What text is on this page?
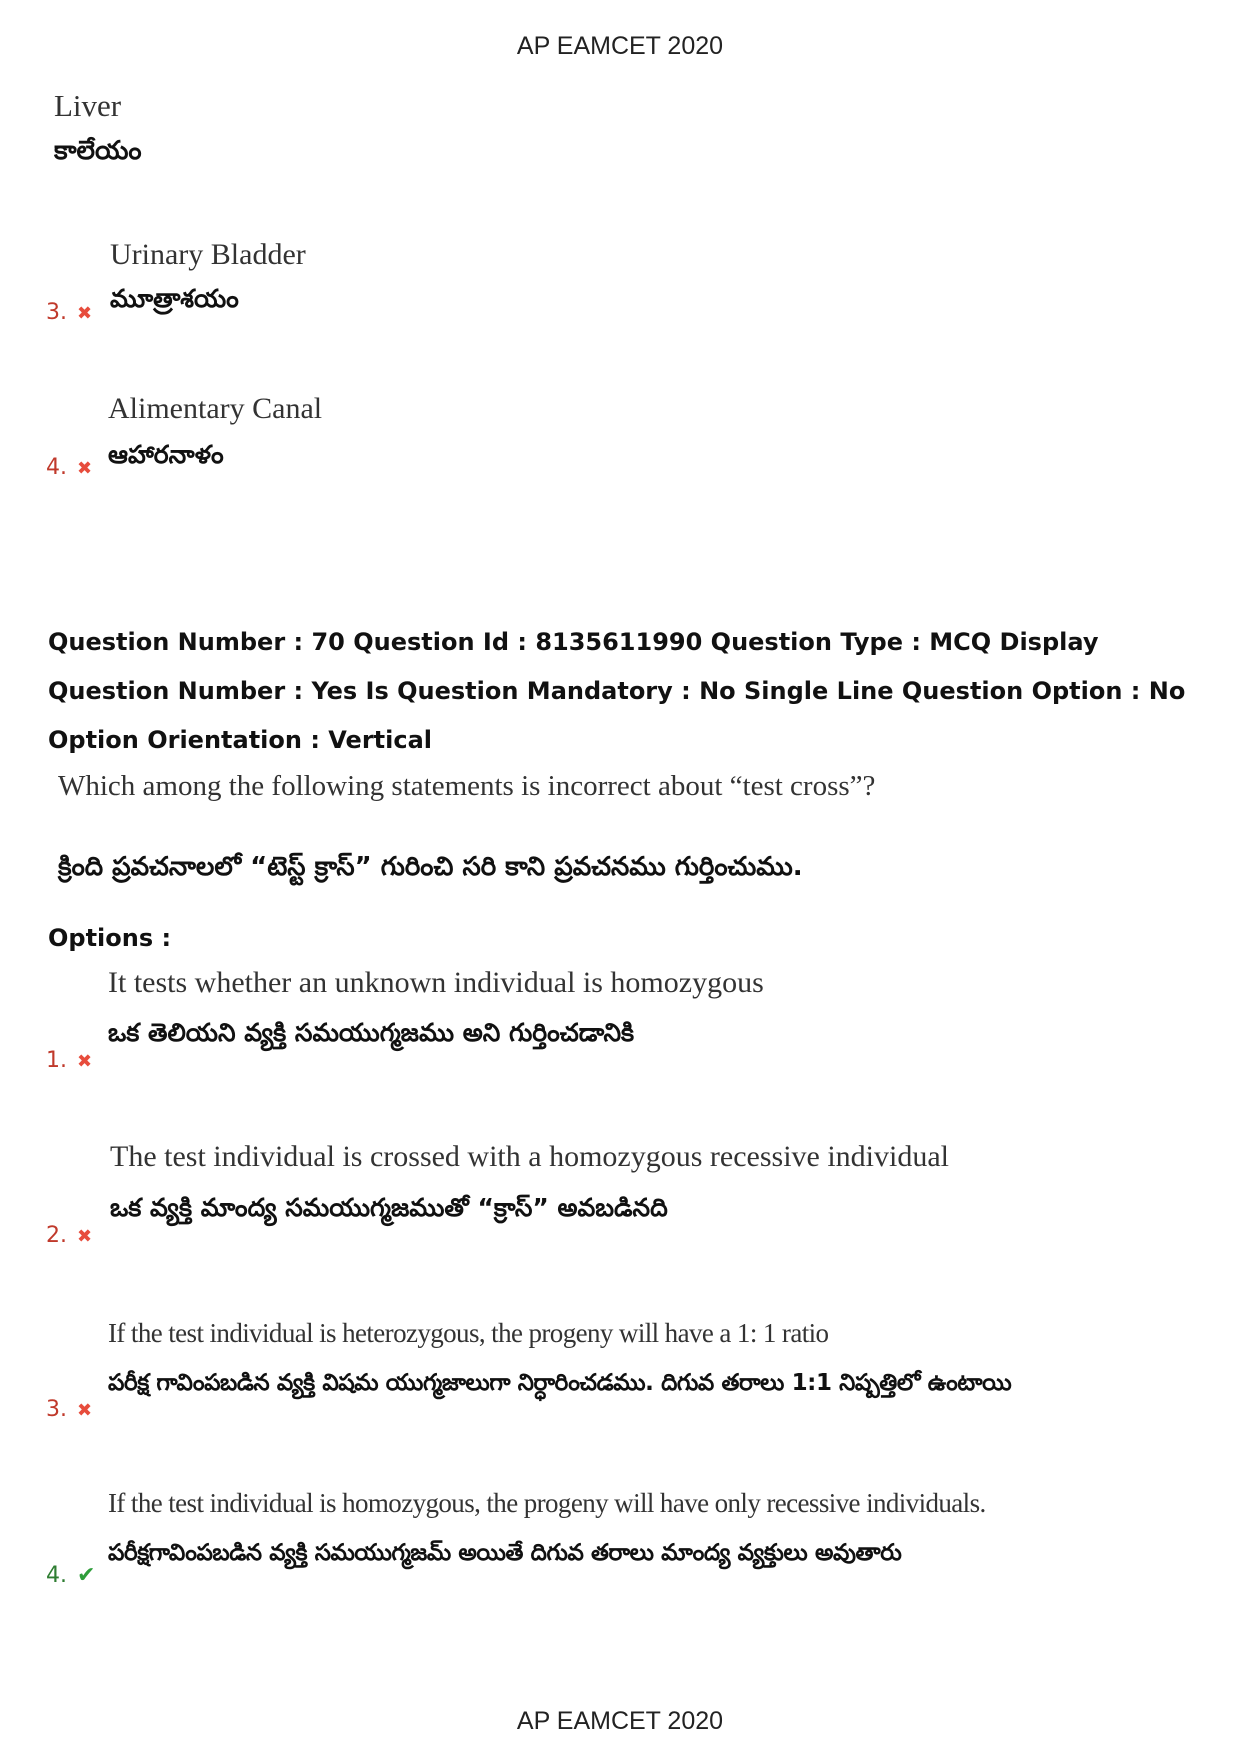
AP EAMCET 2020
Liver
కాలేయం
Urinary Bladder
మూత్రాశయం
3. ✖
Alimentary Canal
ఆహారనాళం
4. ✖
Question Number : 70 Question Id : 8135611990 Question Type : MCQ Display Question Number : Yes Is Question Mandatory : No Single Line Question Option : No Option Orientation : Vertical
Which among the following statements is incorrect about “test cross”?
క్రింది ప్రవచనాలలో “టెస్ట్ క్రాస్” గురించి సరి కాని ప్రవచనము గుర్తించుము.
Options :
It tests whether an unknown individual is homozygous
ఒక తెలియని వ్యక్తి సమయుగ్మజము అని గుర్తించడానికి
1. ✖
The test individual is crossed with a homozygous recessive individual
ఒక వ్యక్తి మాంద్య సమయుగ్మజముతో “క్రాస్” అవబడినది
2. ✖
If the test individual is heterozygous, the progeny will have a 1: 1 ratio
పరీక్ష గావింపబడిన వ్యక్తి విషమ యుగ్మజాలుగా నిర్ధారించడము. దిగువ తరాలు 1:1 నిష్పత్తిలో ఉంటాయి
3. ✖
If the test individual is homozygous, the progeny will have only recessive individuals.
పరీక్షగావింపబడిన వ్యక్తి సమయుగ్మజమ్ అయితే దిగువ తరాలు మాంద్య వ్యక్తులు అవుతారు
4. ✔
AP EAMCET 2020
